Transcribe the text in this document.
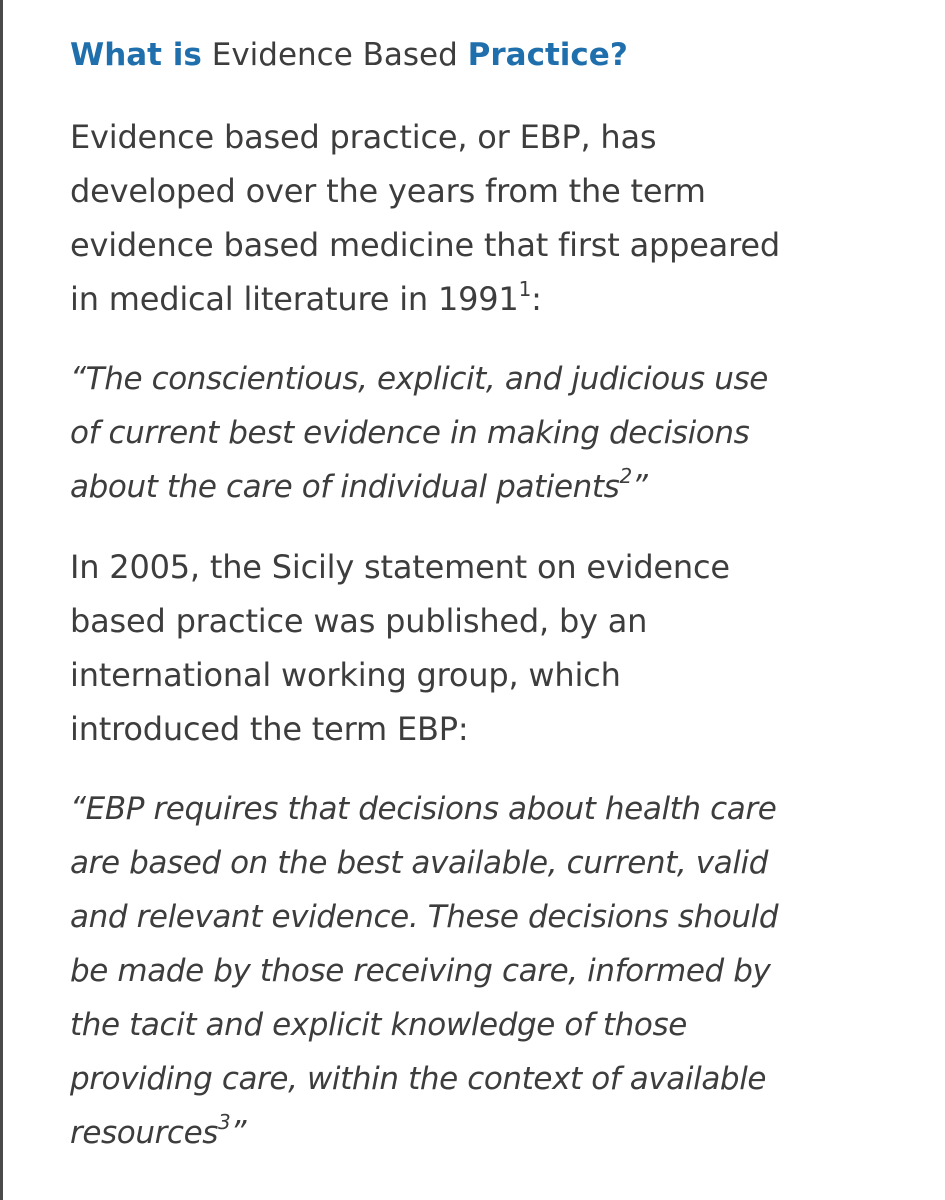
What is Evidence Based Practice?

Evidence based practice, or EBP, has
developed over the years from the term
evidence based medicine that first appeared
in medical literature in 1991$^1$:

“The conscientious, explicit, and judicious use
of current best evidence in making decisions
about the care of individual patients$^2$”

In 2005, the Sicily statement on evidence
based practice was published, by an
international working group, which
introduced the term EBP:

“EBP requires that decisions about health care
are based on the best available, current, valid
and relevant evidence. These decisions should
be made by those receiving care, informed by
the tacit and explicit knowledge of those
providing care, within the context of available
resources$^3$”
